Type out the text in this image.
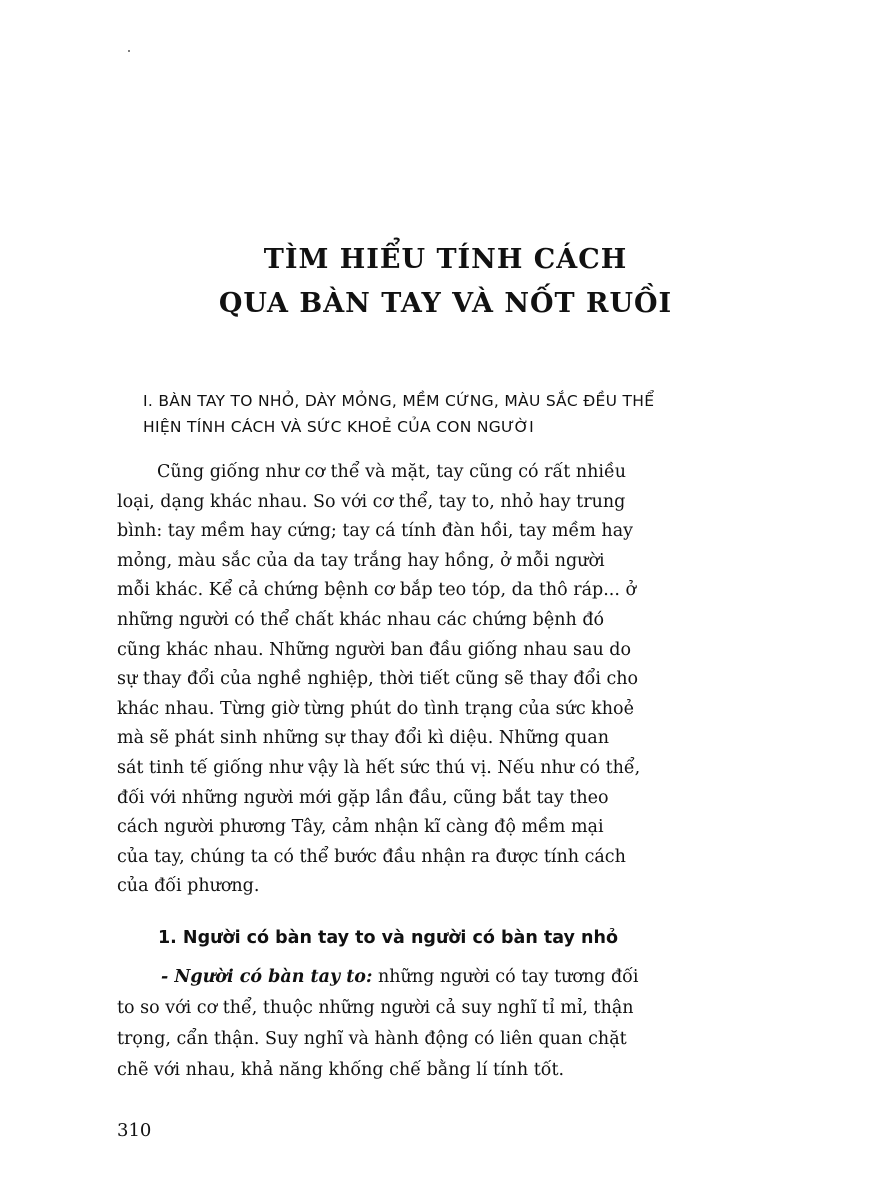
TÌM HIỂU TÍNH CÁCH
QUA BÀN TAY VÀ NỐT RUỒI
I. BÀN TAY TO NHỎ, DÀY MỎNG, MỀM CỨNG, MÀU SẮC ĐỀU THỂ
HIỆN TÍNH CÁCH VÀ SỨC KHOẺ CỦA CON NGƯỜI
Cũng giống như cơ thể và mặt, tay cũng có rất nhiều
loại, dạng khác nhau. So với cơ thể, tay to, nhỏ hay trung
bình: tay mềm hay cứng; tay cá tính đàn hồi, tay mềm hay
mỏng, màu sắc của da tay trắng hay hồng, ở mỗi người
mỗi khác. Kể cả chứng bệnh cơ bắp teo tóp, da thô ráp... ở
những người có thể chất khác nhau các chứng bệnh đó
cũng khác nhau. Những người ban đầu giống nhau sau do
sự thay đổi của nghề nghiệp, thời tiết cũng sẽ thay đổi cho
khác nhau. Từng giờ từng phút do tình trạng của sức khoẻ
mà sẽ phát sinh những sự thay đổi kì diệu. Những quan
sát tinh tế giống như vậy là hết sức thú vị. Nếu như có thể,
đối với những người mới gặp lần đầu, cũng bắt tay theo
cách người phương Tây, cảm nhận kĩ càng độ mềm mại
của tay, chúng ta có thể bước đầu nhận ra được tính cách
của đối phương.
1. Người có bàn tay to và người có bàn tay nhỏ
- Người có bàn tay to: những người có tay tương đối
to so với cơ thể, thuộc những người cả suy nghĩ tỉ mỉ, thận
trọng, cẩn thận. Suy nghĩ và hành động có liên quan chặt
chẽ với nhau, khả năng khống chế bằng lí tính tốt.
310
